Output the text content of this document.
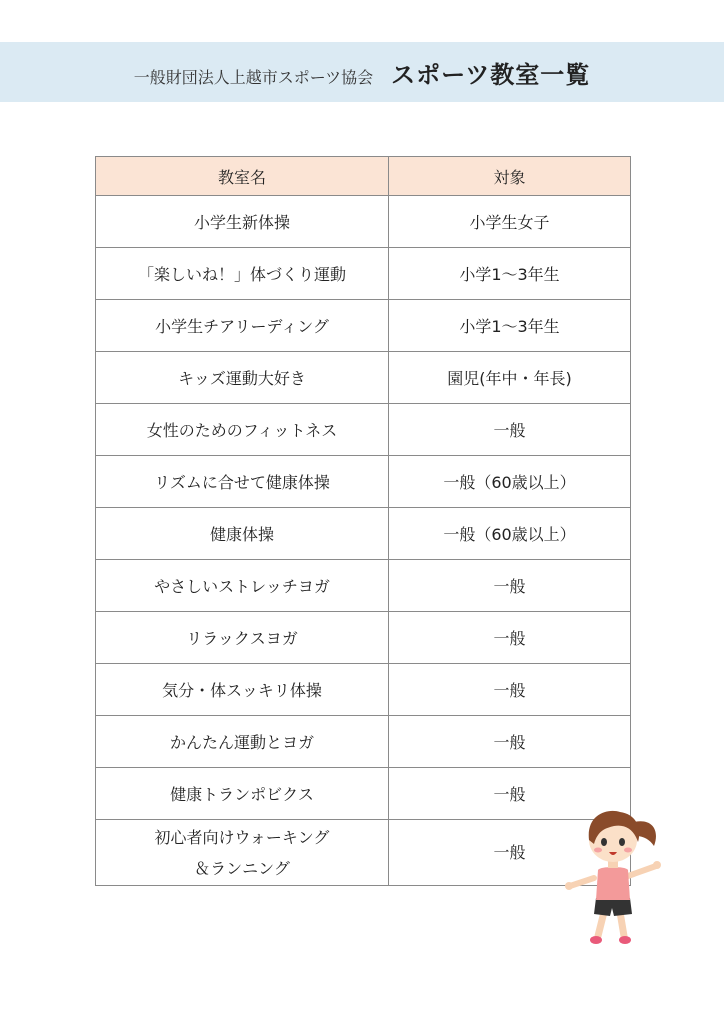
一般財団法人上越市スポーツ協会 スポーツ教室一覧
教室名	対象
小学生新体操	小学生女子
「楽しいね！」体づくり運動	小学1～3年生
小学生チアリーディング	小学1～3年生
キッズ運動大好き	園児(年中・年長)
女性のためのフィットネス	一般
リズムに合せて健康体操	一般（60歳以上）
健康体操	一般（60歳以上）
やさしいストレッチヨガ	一般
リラックスヨガ	一般
気分・体スッキリ体操	一般
かんたん運動とヨガ	一般
健康トランポビクス	一般

初心者向けウォーキング
＆ランニング	一般
